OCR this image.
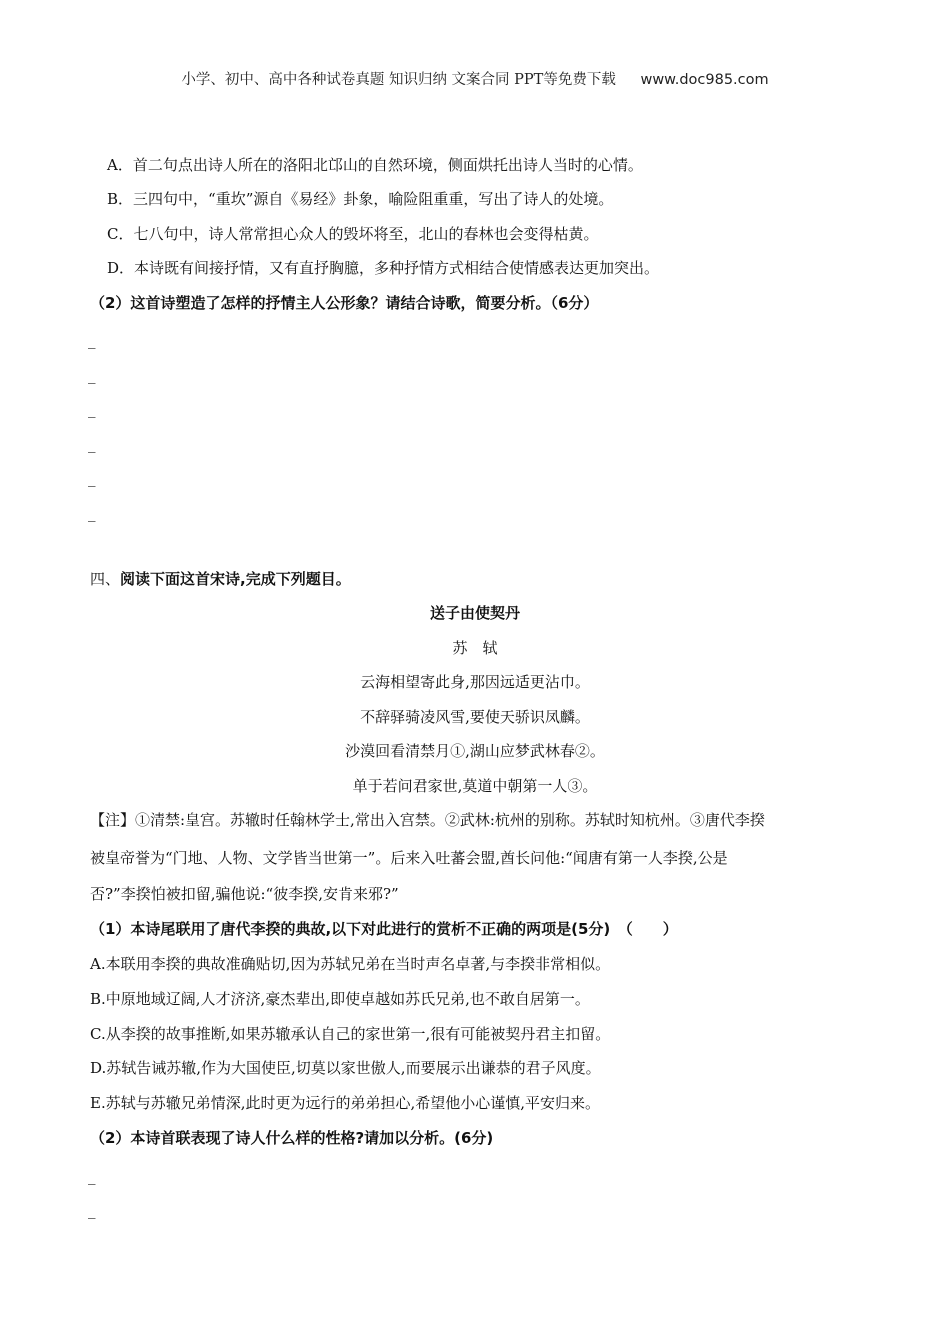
小学、初中、高中各种试卷真题 知识归纳 文案合同 PPT等免费下载 www.doc985.com
A．首二句点出诗人所在的洛阳北邙山的自然环境，侧面烘托出诗人当时的心情。
B．三四句中，“重坎”源自《易经》卦象，喻险阻重重，写出了诗人的处境。
C．七八句中，诗人常常担心众人的毁坏将至，北山的春林也会变得枯黄。
D．本诗既有间接抒情，又有直抒胸臆，多种抒情方式相结合使情感表达更加突出。
（2）这首诗塑造了怎样的抒情主人公形象？请结合诗歌，简要分析。（6分）
_
_
_
_
_
_
四、阅读下面这首宋诗,完成下列题目。
送子由使契丹
苏　轼
云海相望寄此身,那因远适更沾巾。
不辞驿骑凌风雪,要使天骄识凤麟。
沙漠回看清禁月①,湖山应梦武林春②。
单于若问君家世,莫道中朝第一人③。
【注】①清禁:皇宫。苏辙时任翰林学士,常出入宫禁。②武林:杭州的别称。苏轼时知杭州。③唐代李揆
被皇帝誉为“门地、人物、文学皆当世第一”。后来入吐蕃会盟,酋长问他:“闻唐有第一人李揆,公是
否?”李揆怕被扣留,骗他说:“彼李揆,安肯来邪?”
（1）本诗尾联用了唐代李揆的典故,以下对此进行的赏析不正确的两项是(5分)　（　　）
A.本联用李揆的典故准确贴切,因为苏轼兄弟在当时声名卓著,与李揆非常相似。
B.中原地域辽阔,人才济济,豪杰辈出,即使卓越如苏氏兄弟,也不敢自居第一。
C.从李揆的故事推断,如果苏辙承认自己的家世第一,很有可能被契丹君主扣留。
D.苏轼告诫苏辙,作为大国使臣,切莫以家世傲人,而要展示出谦恭的君子风度。
E.苏轼与苏辙兄弟情深,此时更为远行的弟弟担心,希望他小心谨慎,平安归来。
（2）本诗首联表现了诗人什么样的性格?请加以分析。(6分)
_
_
